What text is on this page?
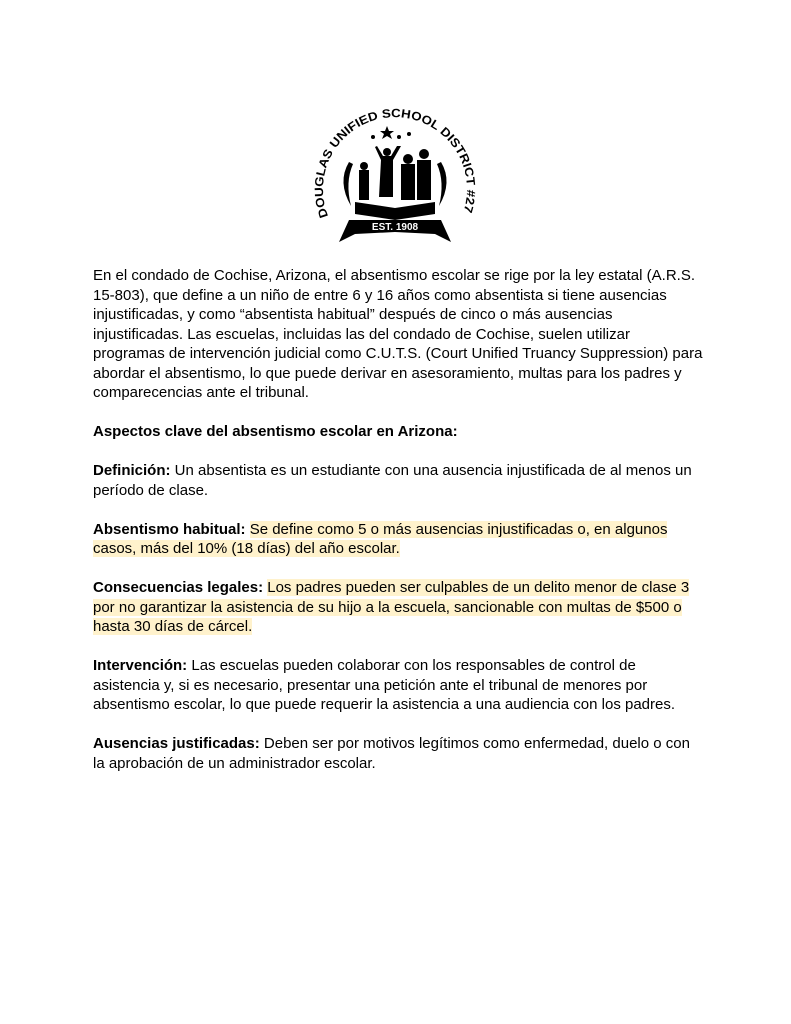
EST. 1908
DOUGLAS UNIFIED SCHOOL DISTRICT #27

En el condado de Cochise, Arizona, el absentismo escolar se rige por la ley estatal (A.R.S. 15-803), que define a un niño de entre 6 y 16 años como absentista si tiene ausencias injustificadas, y como “absentista habitual” después de cinco o más ausencias injustificadas. Las escuelas, incluidas las del condado de Cochise, suelen utilizar programas de intervención judicial como C.U.T.S. (Court Unified Truancy Suppression) para abordar el absentismo, lo que puede derivar en asesoramiento, multas para los padres y comparecencias ante el tribunal.

Aspectos clave del absentismo escolar en Arizona:

Definición: Un absentista es un estudiante con una ausencia injustificada de al menos un período de clase.

Absentismo habitual: Se define como 5 o más ausencias injustificadas o, en algunos casos, más del 10% (18 días) del año escolar.

Consecuencias legales: Los padres pueden ser culpables de un delito menor de clase 3 por no garantizar la asistencia de su hijo a la escuela, sancionable con multas de $500 o hasta 30 días de cárcel.

Intervención: Las escuelas pueden colaborar con los responsables de control de asistencia y, si es necesario, presentar una petición ante el tribunal de menores por absentismo escolar, lo que puede requerir la asistencia a una audiencia con los padres.

Ausencias justificadas: Deben ser por motivos legítimos como enfermedad, duelo o con la aprobación de un administrador escolar.
